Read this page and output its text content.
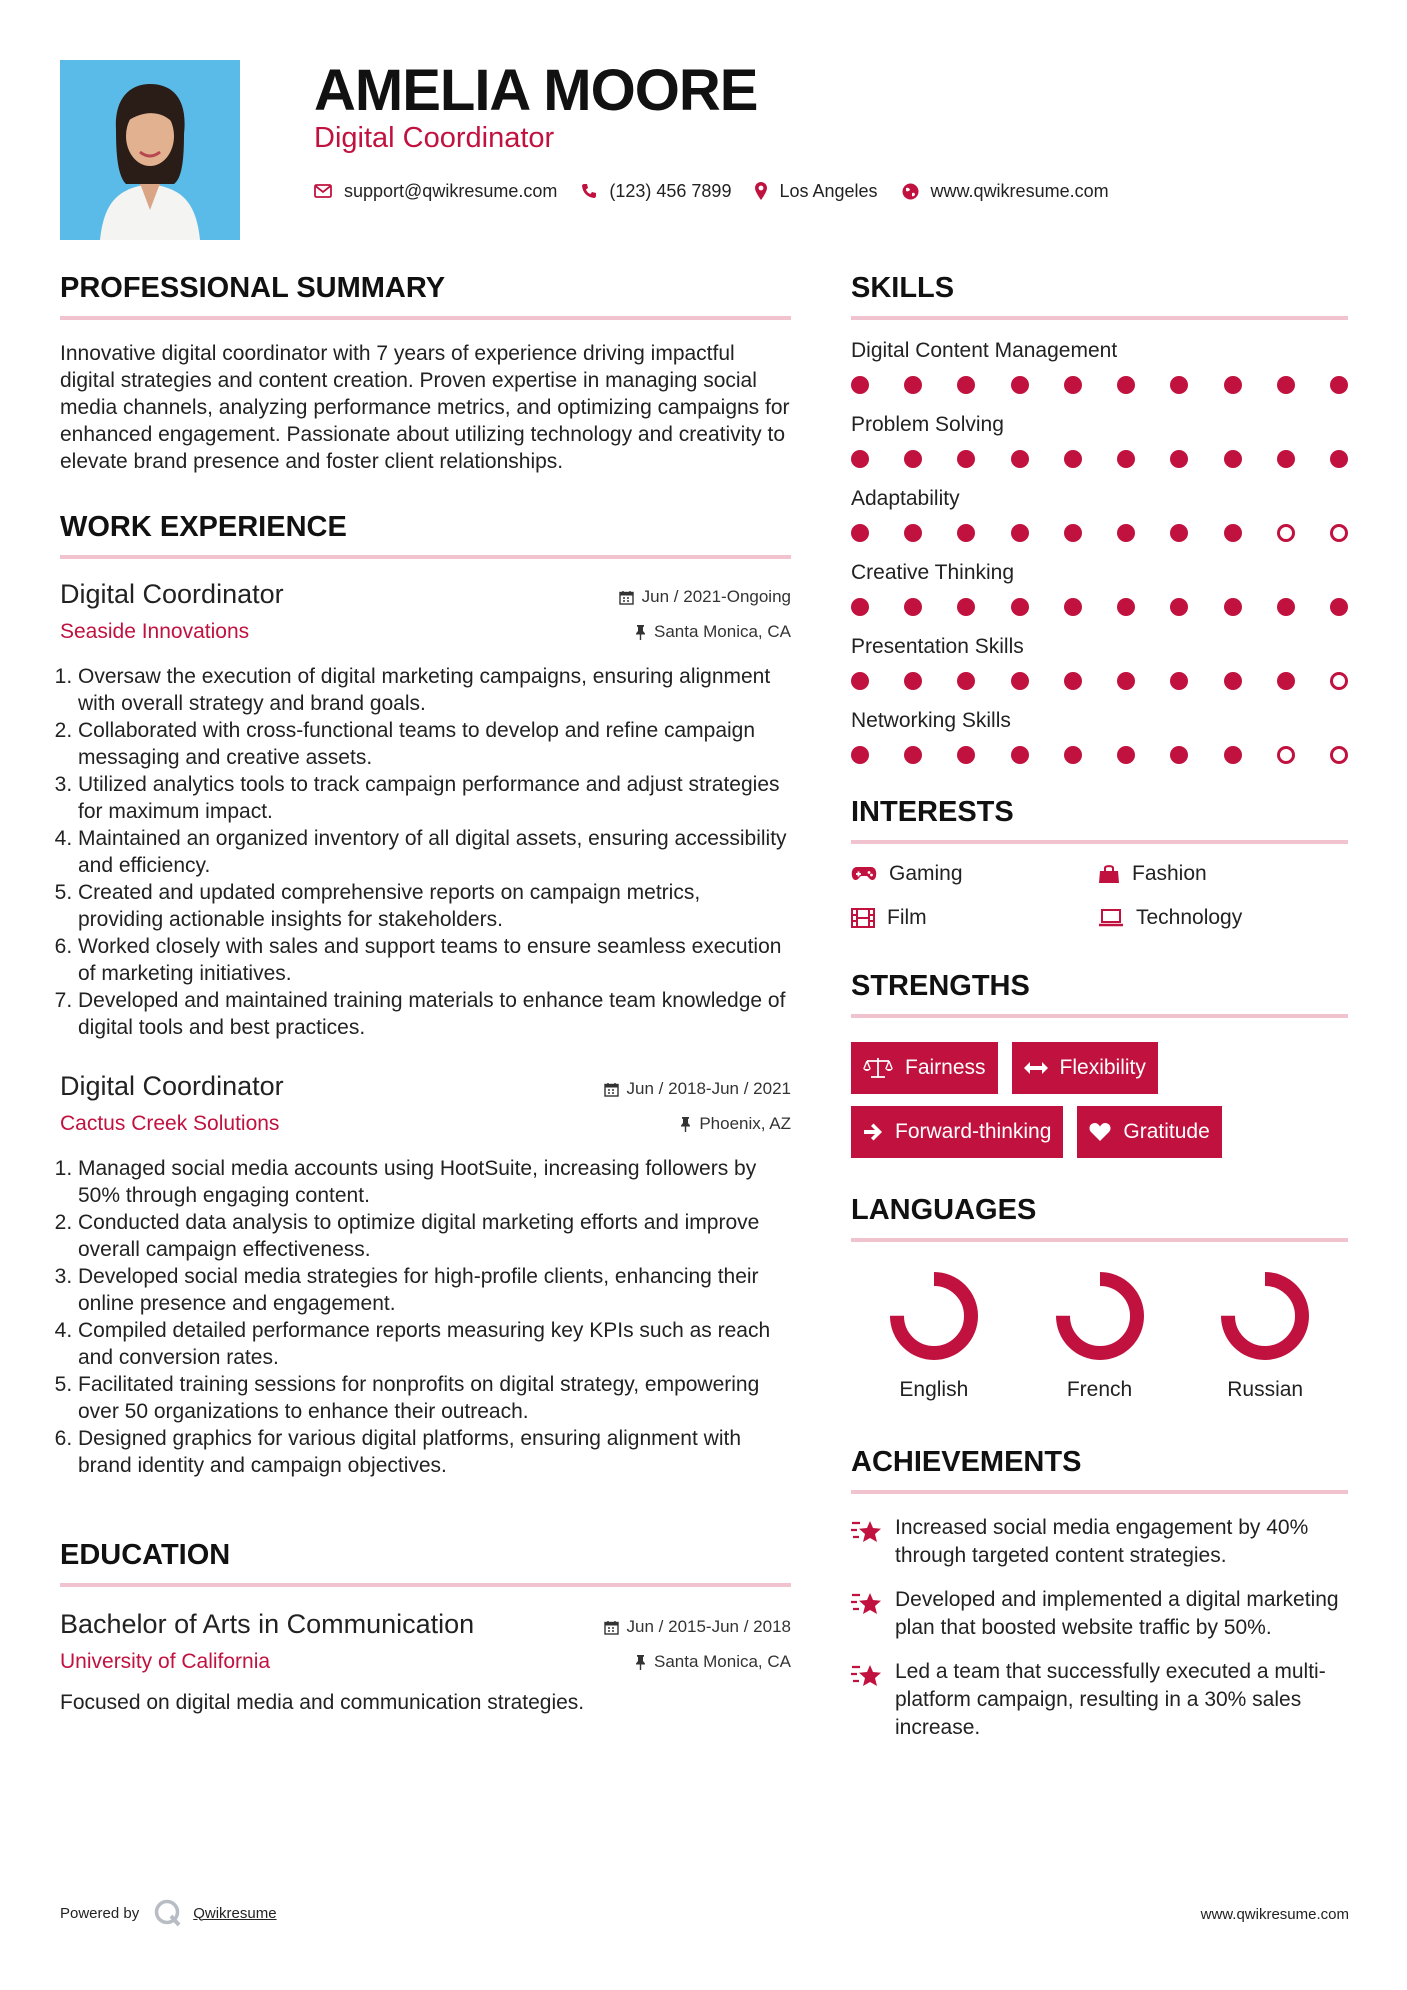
AMELIA MOORE
Digital Coordinator
support@qwikresume.com	(123) 456 7899	Los Angeles	www.qwikresume.com
PROFESSIONAL SUMMARY
Innovative digital coordinator with 7 years of experience driving impactful digital strategies and content creation. Proven expertise in managing social media channels, analyzing performance metrics, and optimizing campaigns for enhanced engagement. Passionate about utilizing technology and creativity to elevate brand presence and foster client relationships.
WORK EXPERIENCE
Digital Coordinator
Seaside Innovations
Jun / 2021-Ongoing
Santa Monica, CA
1. Oversaw the execution of digital marketing campaigns, ensuring alignment with overall strategy and brand goals.
2. Collaborated with cross-functional teams to develop and refine campaign messaging and creative assets.
3. Utilized analytics tools to track campaign performance and adjust strategies for maximum impact.
4. Maintained an organized inventory of all digital assets, ensuring accessibility and efficiency.
5. Created and updated comprehensive reports on campaign metrics, providing actionable insights for stakeholders.
6. Worked closely with sales and support teams to ensure seamless execution of marketing initiatives.
7. Developed and maintained training materials to enhance team knowledge of digital tools and best practices.
Digital Coordinator
Cactus Creek Solutions
Jun / 2018-Jun / 2021
Phoenix, AZ
1. Managed social media accounts using HootSuite, increasing followers by 50% through engaging content.
2. Conducted data analysis to optimize digital marketing efforts and improve overall campaign effectiveness.
3. Developed social media strategies for high-profile clients, enhancing their online presence and engagement.
4. Compiled detailed performance reports measuring key KPIs such as reach and conversion rates.
5. Facilitated training sessions for nonprofits on digital strategy, empowering over 50 organizations to enhance their outreach.
6. Designed graphics for various digital platforms, ensuring alignment with brand identity and campaign objectives.
EDUCATION
Bachelor of Arts in Communication
University of California
Jun / 2015-Jun / 2018
Santa Monica, CA
Focused on digital media and communication strategies.
SKILLS
Digital Content Management
Problem Solving
Adaptability
Creative Thinking
Presentation Skills
Networking Skills
INTERESTS
Gaming	Fashion
Film	Technology
STRENGTHS
Fairness	Flexibility
Forward-thinking	Gratitude
LANGUAGES
English	French	Russian
ACHIEVEMENTS
Increased social media engagement by 40% through targeted content strategies.
Developed and implemented a digital marketing plan that boosted website traffic by 50%.
Led a team that successfully executed a multi-platform campaign, resulting in a 30% sales increase.
Powered by	Qwikresume	www.qwikresume.com
